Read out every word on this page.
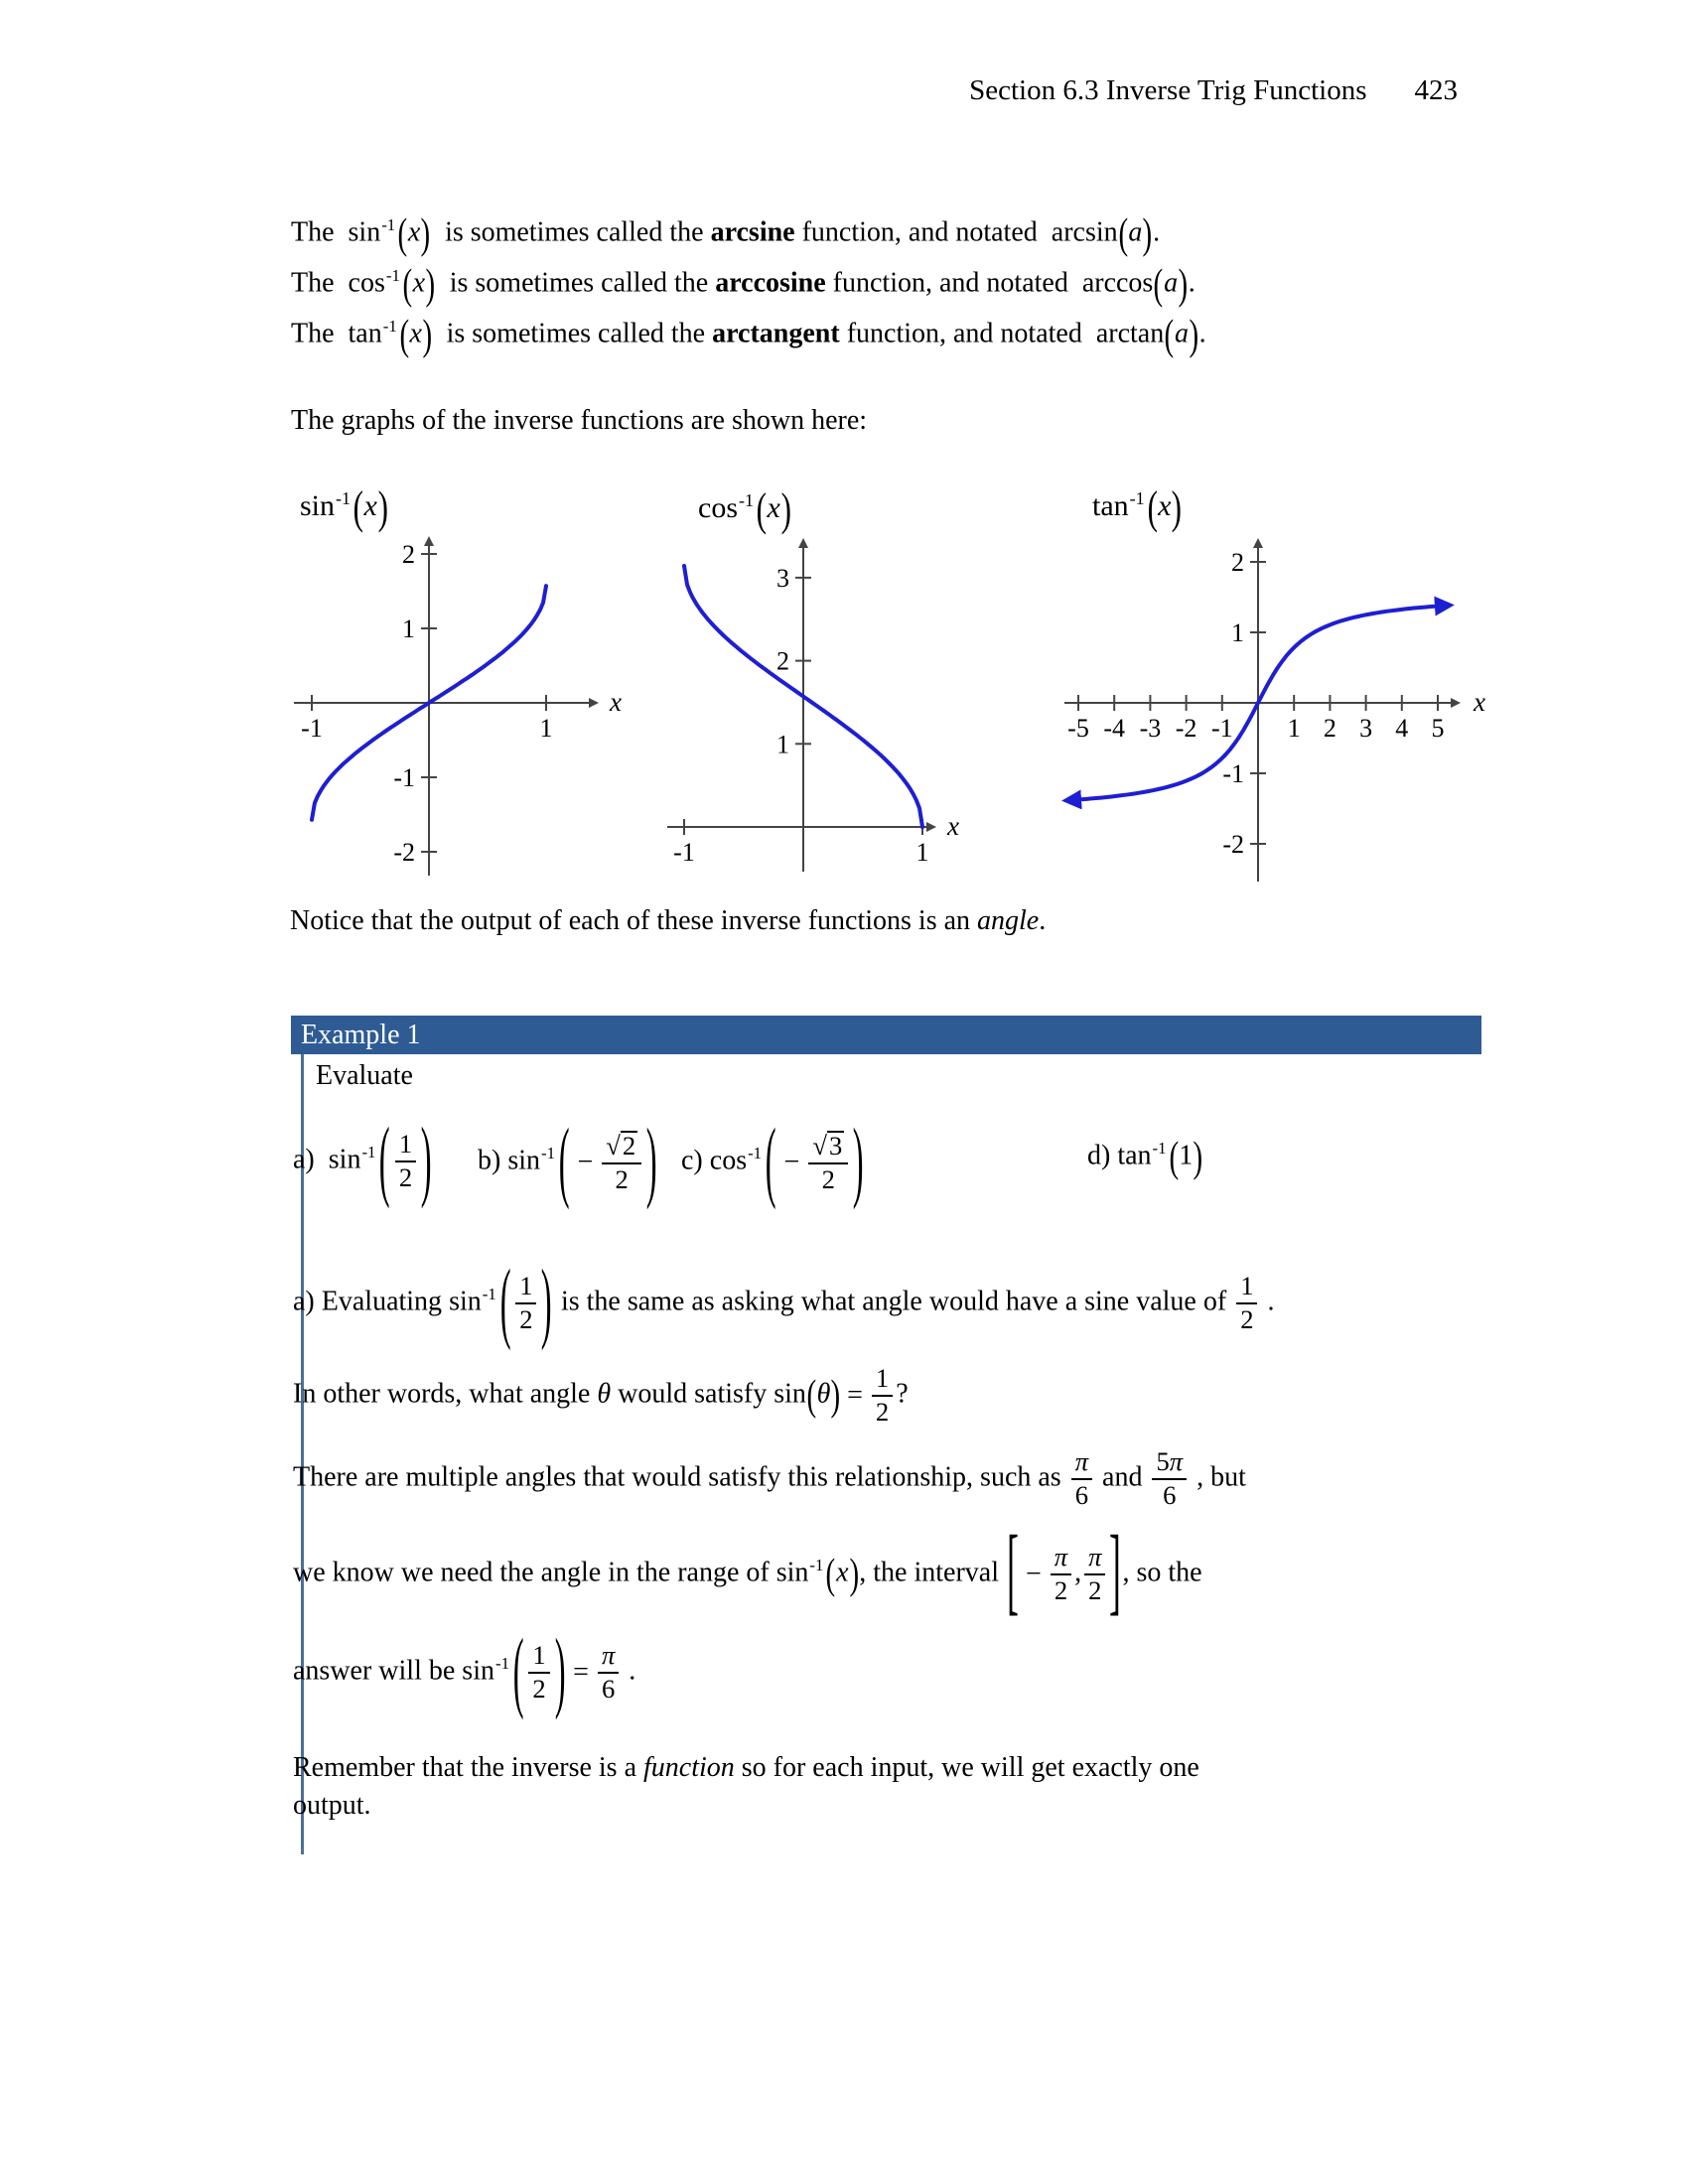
Section 6.3 Inverse Trig Functions 423
The  $\sin^{-1}(x)$  is sometimes called the arcsine function, and notated  arcsin(a).
The  $\cos^{-1}(x)$  is sometimes called the arccosine function, and notated  arccos(a).
The  $\tan^{-1}(x)$  is sometimes called the arctangent function, and notated  arctan(a).
The graphs of the inverse functions are shown here:
$\sin^{-1}(x)$	$\cos^{-1}(x)$	$\tan^{-1}(x)$
x
-1	1
2
1
-1
-2
x
-1	1
3
2
1
x
-5 -4 -3 -2 -1 1 2 3 4 5
2
1
-1
-2
Notice that the output of each of these inverse functions is an angle.
Example 1
Evaluate
a)  $\sin^{-1}( \frac{1}{2}$ ) b) $\sin^{-1}( - \frac{√2}{2}$ ) c) $\cos^{-1}( - \frac{√3}{2}$ )	d) $\tan^{-1}(1)$
a) Evaluating $\sin^{-1}( \frac{1}{2}$ ) is the same as asking what angle would have a sine value of $\frac{1}{2}$ .
In other words, what angle θ would satisfy $\sin(\theta) = \frac{1}{2}$ ?
There are multiple angles that would satisfy this relationship, such as $\frac{\pi}{6}$ and $\frac{5\pi}{6}$ , but
we know we need the angle in the range of $\sin^{-1}(x)$, the interval [ − $\frac{\pi}{2}$ , $\frac{\pi}{2}$ ], so the
answer will be $\sin^{-1}( \frac{1}{2}$ ) = $\frac{\pi}{6}$ .
Remember that the inverse is a function so for each input, we will get exactly one
output.
